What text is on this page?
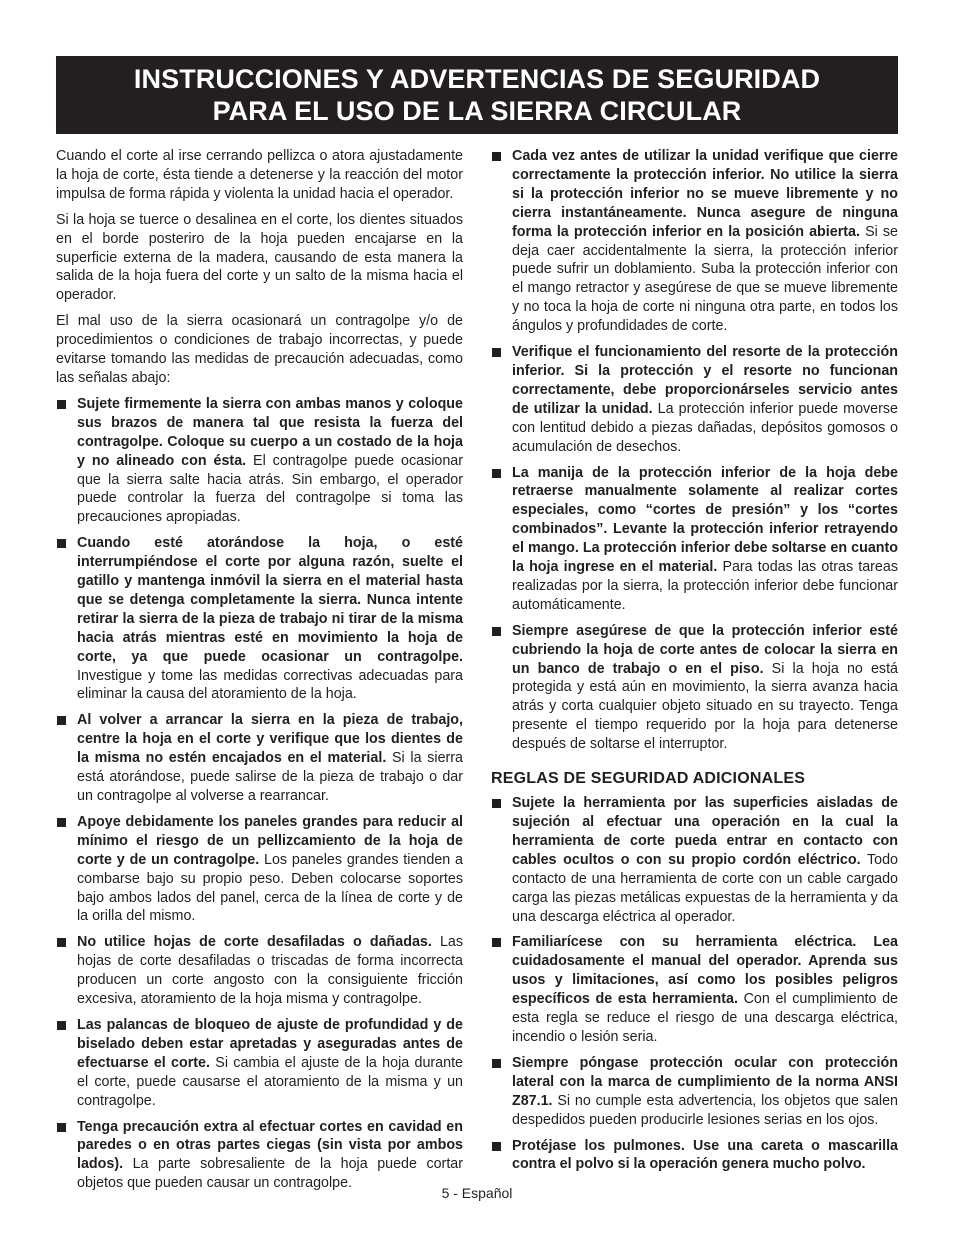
INSTRUCCIONES Y ADVERTENCIAS DE SEGURIDAD
PARA EL USO DE LA SIERRA CIRCULAR

Cuando el corte al irse cerrando pellizca o atora ajustadamente la hoja de corte, ésta tiende a detenerse y la reacción del motor impulsa de forma rápida y violenta la unidad hacia el operador.

Si la hoja se tuerce o desalinea en el corte, los dientes situados en el borde posteriro de la hoja pueden encajarse en la superficie externa de la madera, causando de esta manera la salida de la hoja fuera del corte y un salto de la misma hacia el operador.

El mal uso de la sierra ocasionará un contragolpe y/o de procedimientos o condiciones de trabajo incorrectas, y puede evitarse tomando las medidas de precaución adecuadas, como las señalas abajo:

Sujete firmemente la sierra con ambas manos y coloque sus brazos de manera tal que resista la fuerza del contragolpe. Coloque su cuerpo a un costado de la hoja y no alineado con ésta. El contragolpe puede ocasionar que la sierra salte hacia atrás. Sin embargo, el operador puede controlar la fuerza del contragolpe si toma las precauciones apropiadas.
Cuando esté atorándose la hoja, o esté interrumpiéndose el corte por alguna razón, suelte el gatillo y mantenga inmóvil la sierra en el material hasta que se detenga completamente la sierra. Nunca intente retirar la sierra de la pieza de trabajo ni tirar de la misma hacia atrás mientras esté en movimiento la hoja de corte, ya que puede ocasionar un contragolpe. Investigue y tome las medidas correctivas adecuadas para eliminar la causa del atoramiento de la hoja.
Al volver a arrancar la sierra en la pieza de trabajo, centre la hoja en el corte y verifique que los dientes de la misma no estén encajados en el material. Si la sierra está atorándose, puede salirse de la pieza de trabajo o dar un contragolpe al volverse a rearrancar.
Apoye debidamente los paneles grandes para reducir al mínimo el riesgo de un pellizcamiento de la hoja de corte y de un contragolpe. Los paneles grandes tienden a combarse bajo su propio peso. Deben colocarse soportes bajo ambos lados del panel, cerca de la línea de corte y de la orilla del mismo.
No utilice hojas de corte desafiladas o dañadas. Las hojas de corte desafiladas o triscadas de forma incorrecta producen un corte angosto con la consiguiente fricción excesiva, atoramiento de la hoja misma y contragolpe.
Las palancas de bloqueo de ajuste de profundidad y de biselado deben estar apretadas y aseguradas antes de efectuarse el corte. Si cambia el ajuste de la hoja durante el corte, puede causarse el atoramiento de la misma y un contragolpe.
Tenga precaución extra al efectuar cortes en cavidad en paredes o en otras partes ciegas (sin vista por ambos lados). La parte sobresaliente de la hoja puede cortar objetos que pueden causar un contragolpe.
Cada vez antes de utilizar la unidad verifique que cierre correctamente la protección inferior. No utilice la sierra si la protección inferior no se mueve libremente y no cierra instantáneamente. Nunca asegure de ninguna forma la protección inferior en la posición abierta. Si se deja caer accidentalmente la sierra, la protección inferior puede sufrir un doblamiento. Suba la protección inferior con el mango retractor y asegúrese de que se mueve libremente y no toca la hoja de corte ni ninguna otra parte, en todos los ángulos y profundidades de corte.
Verifique el funcionamiento del resorte de la protección inferior. Si la protección y el resorte no funcionan correctamente, debe proporcionárseles servicio antes de utilizar la unidad. La protección inferior puede moverse con lentitud debido a piezas dañadas, depósitos gomosos o acumulación de desechos.
La manija de la protección inferior de la hoja debe retraerse manualmente solamente al realizar cortes especiales, como “cortes de presión” y los “cortes combinados”. Levante la protección inferior retrayendo el mango. La protección inferior debe soltarse en cuanto la hoja ingrese en el material. Para todas las otras tareas realizadas por la sierra, la protección inferior debe funcionar automáticamente.
Siempre asegúrese de que la protección inferior esté cubriendo la hoja de corte antes de colocar la sierra en un banco de trabajo o en el piso. Si la hoja no está protegida y está aún en movimiento, la sierra avanza hacia atrás y corta cualquier objeto situado en su trayecto. Tenga presente el tiempo requerido por la hoja para detenerse después de soltarse el interruptor.
REGLAS DE SEGURIDAD ADICIONALES
Sujete la herramienta por las superficies aisladas de sujeción al efectuar una operación en la cual la herramienta de corte pueda entrar en contacto con cables ocultos o con su propio cordón eléctrico. Todo contacto de una herramienta de corte con un cable cargado carga las piezas metálicas expuestas de la herramienta y da una descarga eléctrica al operador.
Familiarícese con su herramienta eléctrica. Lea cuidadosamente el manual del operador. Aprenda sus usos y limitaciones, así como los posibles peligros específicos de esta herramienta. Con el cumplimiento de esta regla se reduce el riesgo de una descarga eléctrica, incendio o lesión seria.
Siempre póngase protección ocular con protección lateral con la marca de cumplimiento de la norma ANSI Z87.1. Si no cumple esta advertencia, los objetos que salen despedidos pueden producirle lesiones serias en los ojos.
Protéjase los pulmones. Use una careta o mascarilla contra el polvo si la operación genera mucho polvo.
5 - Español
